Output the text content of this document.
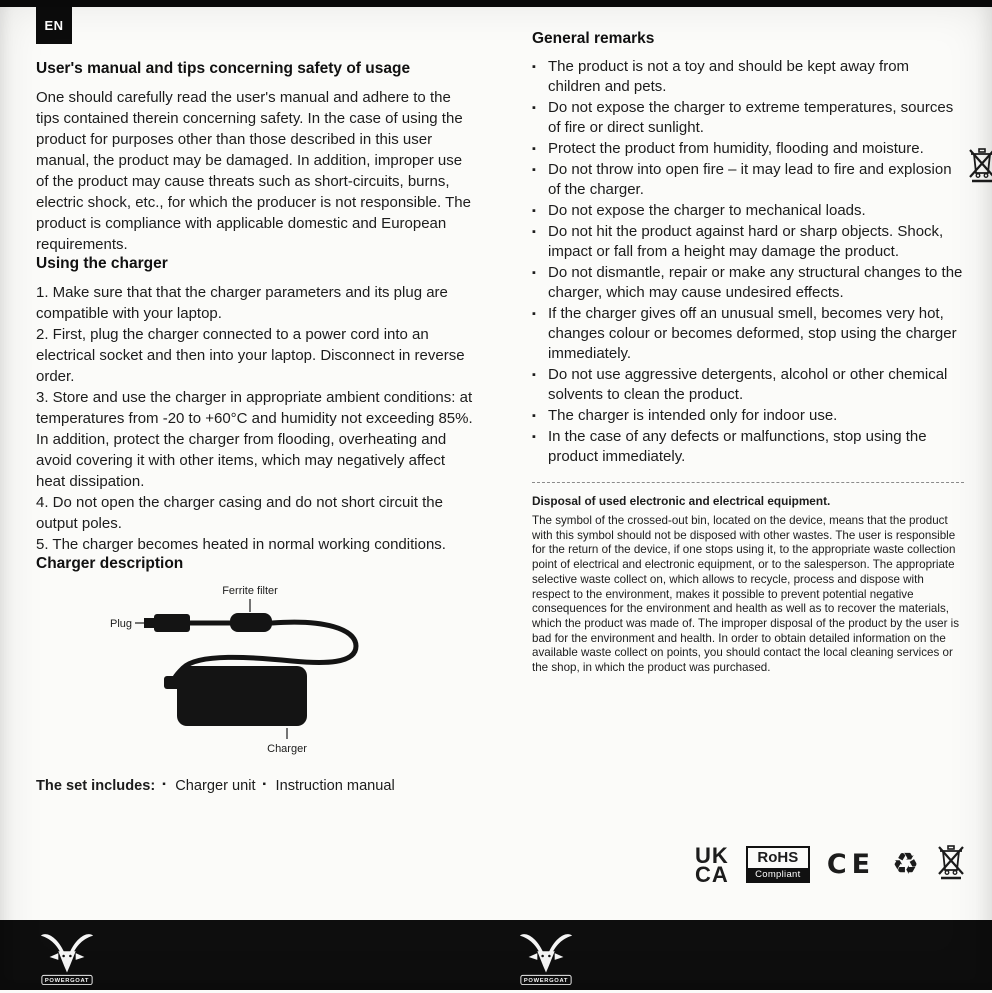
EN
User's manual and tips concerning safety of usage

One should carefully read the user's manual and adhere to the tips contained therein concerning safety. In the case of using the product for purposes other than those described in this user manual, the product may be damaged. In addition, improper use of the product may cause threats such as short-circuits, burns, electric shock, etc., for which the producer is not responsible. The product is compliance with applicable domestic and European requirements.

Using the charger

1. Make sure that that the charger parameters and its plug are compatible with your laptop.

2. First, plug the charger connected to a power cord into an electrical socket and then into your laptop. Disconnect in reverse order.

3. Store and use the charger in appropriate ambient conditions: at temperatures from -20 to +60°C and humidity not exceeding 85%. In addition, protect the charger from flooding, overheating and avoid covering it with other items, which may negatively affect heat dissipation.

4. Do not open the charger casing and do not short circuit the output poles.

5. The charger becomes heated in normal working conditions.

Charger description
Ferrite filter
Plug
Charger
The set includes:	▪ Charger unit	▪ Instruction manual
General remarks
▪ The product is not a toy and should be kept away from children and pets.
▪ Do not expose the charger to extreme temperatures, sources of fire or direct sunlight.
▪ Protect the product from humidity, flooding and moisture.
▪ Do not throw into open fire – it may lead to fire and explosion of the charger.
▪ Do not expose the charger to mechanical loads.
▪ Do not hit the product against hard or sharp objects. Shock, impact or fall from a height may damage the product.
▪ Do not dismantle, repair or make any structural changes to the charger, which may cause undesired effects.
▪ If the charger gives off an unusual smell, becomes very hot, changes colour or becomes deformed, stop using the charger immediately.
▪ Do not use aggressive detergents, alcohol or other chemical solvents to clean the product.
▪ The charger is intended only for indoor use.
▪ In the case of any defects or malfunctions, stop using the product immediately.

Disposal of used electronic and electrical equipment.

The symbol of the crossed-out bin, located on the device, means that the product with this symbol should not be disposed with other wastes. The user is responsible for the return of the device, if one stops using it, to the appropriate waste collection point of electrical and electronic equipment, or to the salesperson. The appropriate selective waste collect on, which allows to recycle, process and dispose with respect to the environment, makes it possible to prevent potential negative consequences for the environment and health as well as to recover the materials, which the product was made of. The improper disposal of the product by the user is bad for the environment and health. In order to obtain detailed information on the available waste collect on points, you should contact the local cleaning services or the shop, in which the product was purchased.

UK
CA
RoHS
Compliant CE ♻
POWERGOAT	POWERGOAT
